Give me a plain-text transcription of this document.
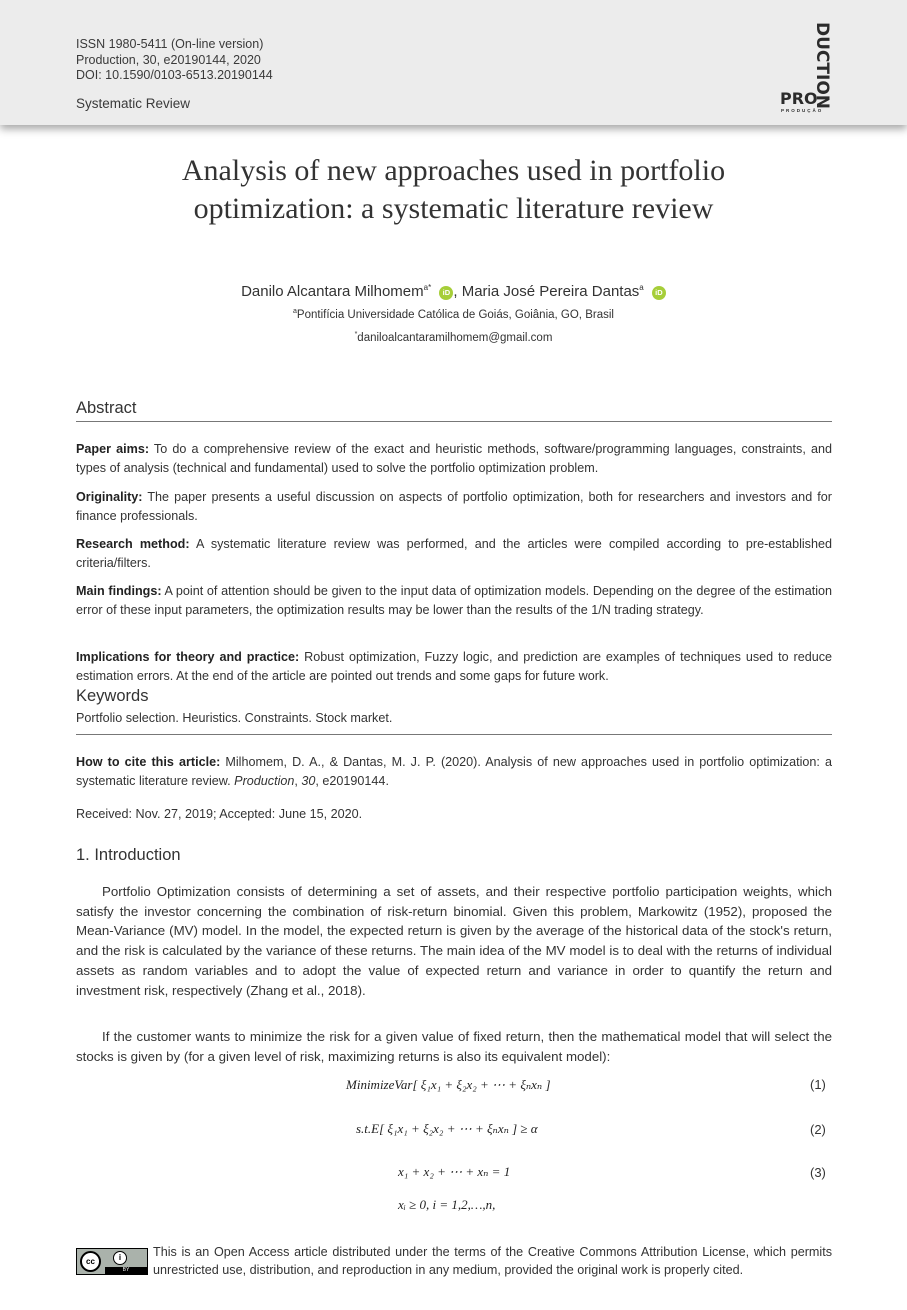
ISSN 1980-5411 (On-line version)
Production, 30, e20190144, 2020
DOI: 10.1590/0103-6513.20190144
Systematic Review	DUCTION
PRO
PRODUÇÃO
Analysis of new approaches used in portfolio
optimization: a systematic literature review
Danilo Alcantara Milhomem$^{a*}$ iD , Maria José Pereira Dantas$^a$ iD
$^a$Pontifícia Universidade Católica de Goiás, Goiânia, GO, Brasil
*daniloalcantaramilhomem@gmail.com
Abstract
Paper aims: To do a comprehensive review of the exact and heuristic methods, software/programming languages, constraints, and types of analysis (technical and fundamental) used to solve the portfolio optimization problem.
Originality: The paper presents a useful discussion on aspects of portfolio optimization, both for researchers and investors and for finance professionals.
Research method: A systematic literature review was performed, and the articles were compiled according to pre-established criteria/filters.
Main findings: A point of attention should be given to the input data of optimization models. Depending on the degree of the estimation error of these input parameters, the optimization results may be lower than the results of the 1/N trading strategy.
Implications for theory and practice: Robust optimization, Fuzzy logic, and prediction are examples of techniques used to reduce estimation errors. At the end of the article are pointed out trends and some gaps for future work.
Keywords
Portfolio selection. Heuristics. Constraints. Stock market.
How to cite this article: Milhomem, D. A., & Dantas, M. J. P. (2020). Analysis of new approaches used in portfolio optimization: a systematic literature review. Production, 30, e20190144.
Received: Nov. 27, 2019; Accepted: June 15, 2020.
1. Introduction
Portfolio Optimization consists of determining a set of assets, and their respective portfolio participation weights, which satisfy the investor concerning the combination of risk-return binomial. Given this problem, Markowitz (1952), proposed the Mean-Variance (MV) model. In the model, the expected return is given by the average of the historical data of the stock's return, and the risk is calculated by the variance of these returns. The main idea of the MV model is to deal with the returns of individual assets as random variables and to adopt the value of expected return and variance in order to quantify the return and investment risk, respectively (Zhang et al., 2018).
If the customer wants to minimize the risk for a given value of fixed return, then the mathematical model that will select the stocks is given by (for a given level of risk, maximizing returns is also its equivalent model):
MinimizeVar[ ξ₁x₁ + ξ₂x₂ + ⋯ + ξₙxₙ ]	(1)
s.t.E[ ξ₁x₁ + ξ₂x₂ + ⋯ + ξₙxₙ ] ≥ α	(2)
x₁ + x₂ + ⋯ + xₙ = 1	(3)
xᵢ ≥ 0, i = 1,2,…,n,
cc	i
BY
This is an Open Access article distributed under the terms of the Creative Commons Attribution License, which permits unrestricted use, distribution, and reproduction in any medium, provided the original work is properly cited.
